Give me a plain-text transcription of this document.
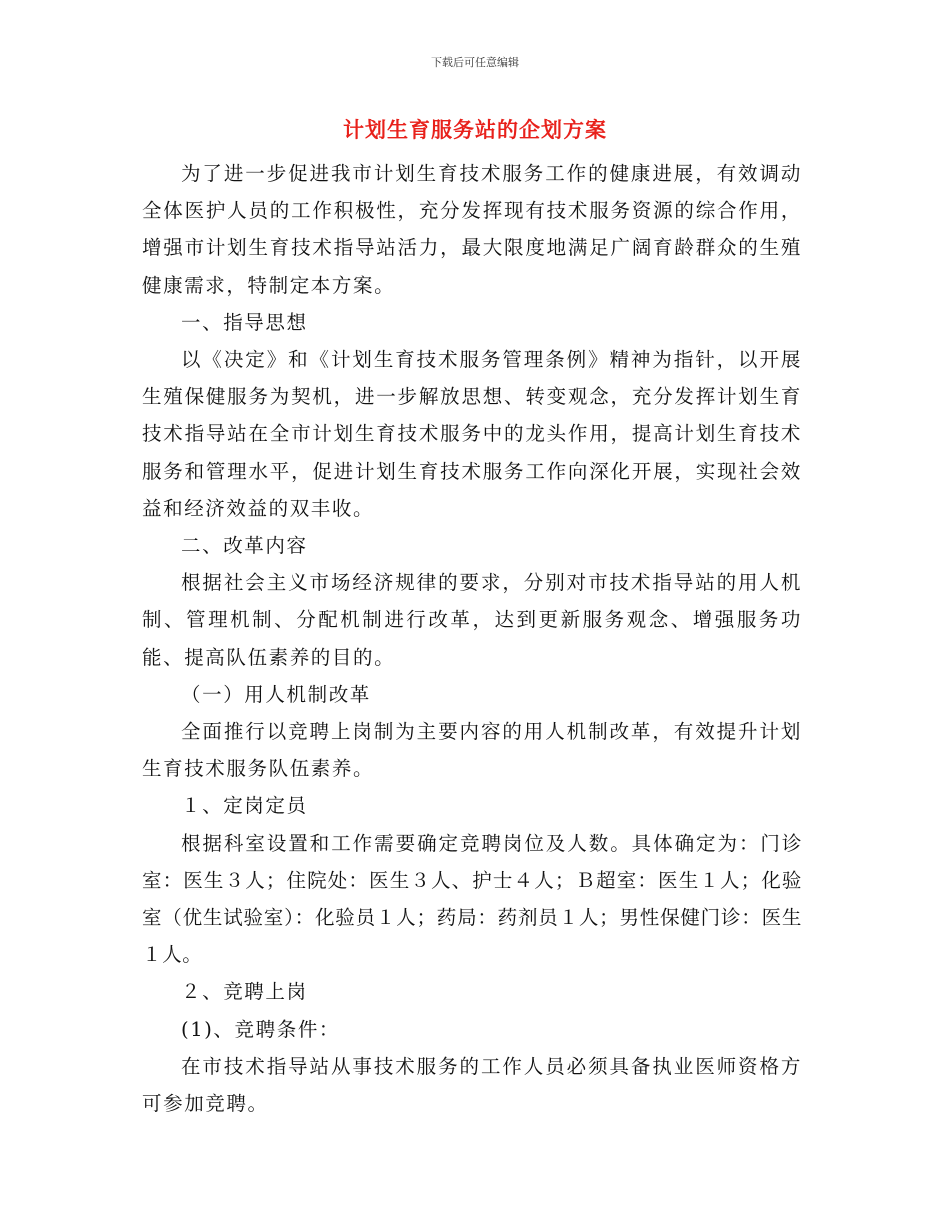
下载后可任意编辑
计划生育服务站的企划方案

为了进一步促进我市计划生育技术服务工作的健康进展，有效调动全体医护人员的工作积极性，充分发挥现有技术服务资源的综合作用，增强市计划生育技术指导站活力，最大限度地满足广阔育龄群众的生殖健康需求，特制定本方案。

一、指导思想

以《决定》和《计划生育技术服务管理条例》精神为指针，以开展生殖保健服务为契机，进一步解放思想、转变观念，充分发挥计划生育技术指导站在全市计划生育技术服务中的龙头作用，提高计划生育技术服务和管理水平，促进计划生育技术服务工作向深化开展，实现社会效益和经济效益的双丰收。

二、改革内容

根据社会主义市场经济规律的要求，分别对市技术指导站的用人机制、管理机制、分配机制进行改革，达到更新服务观念、增强服务功能、提高队伍素养的目的。

（一）用人机制改革

全面推行以竞聘上岗制为主要内容的用人机制改革，有效提升计划生育技术服务队伍素养。

１、定岗定员

根据科室设置和工作需要确定竞聘岗位及人数。具体确定为：门诊室：医生３人；住院处：医生３人、护士４人；Ｂ超室：医生１人；化验室（优生试验室）：化验员１人；药局：药剂员１人；男性保健门诊：医生１人。

２、竞聘上岗

(1)、竞聘条件：

在市技术指导站从事技术服务的工作人员必须具备执业医师资格方可参加竞聘。
